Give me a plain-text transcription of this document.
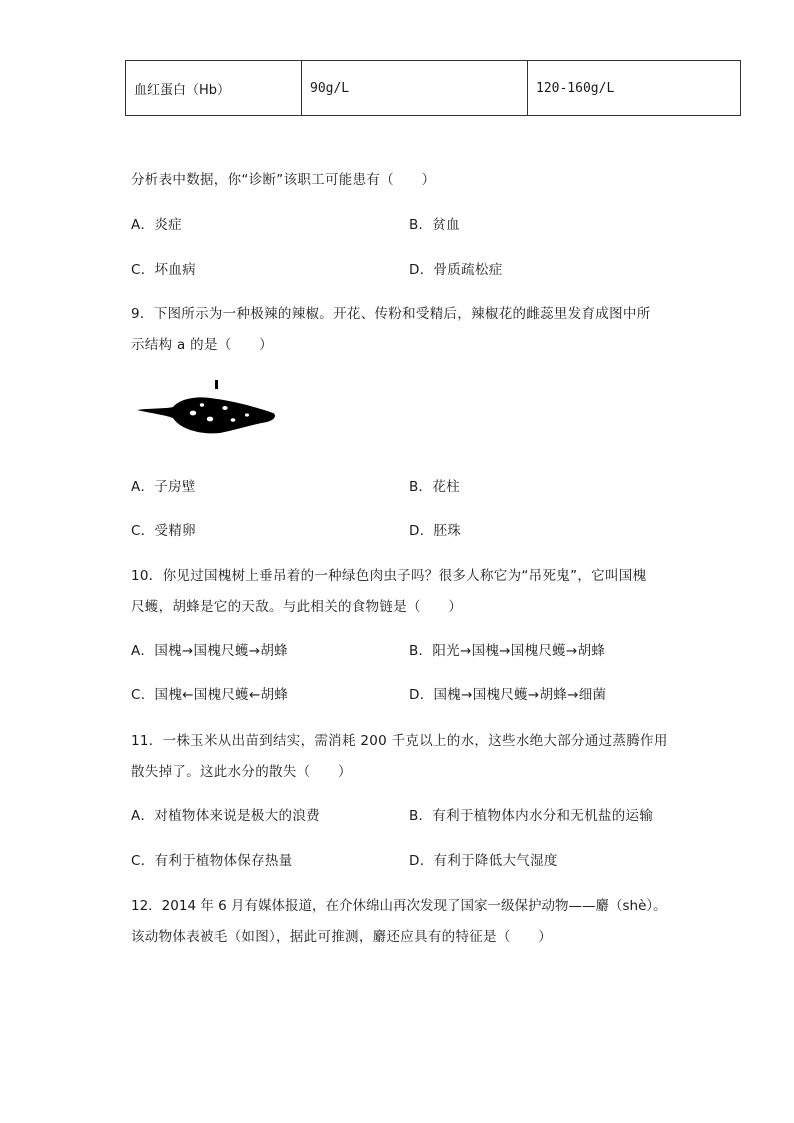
血红蛋白（Hb）	90g/L	120-160g/L
分析表中数据，你“诊断”该职工可能患有（　　）
A．炎症	B．贫血
C．坏血病	D．骨质疏松症
9．下图所示为一种极辣的辣椒。开花、传粉和受精后，辣椒花的雌蕊里发育成图中所
示结构 a 的是（　　）
A．子房壁	B．花柱
C．受精卵	D．胚珠
10．你见过国槐树上垂吊着的一种绿色肉虫子吗？很多人称它为“吊死鬼”，它叫国槐
尺蠖，胡蜂是它的天敌。与此相关的食物链是（　　）
A．国槐→国槐尺蠖→胡蜂	B．阳光→国槐→国槐尺蠖→胡蜂
C．国槐←国槐尺蠖←胡蜂	D．国槐→国槐尺蠖→胡蜂→细菌
11．一株玉米从出苗到结实，需消耗 200 千克以上的水，这些水绝大部分通过蒸腾作用
散失掉了。这此水分的散失（　　）
A．对植物体来说是极大的浪费	B．有利于植物体内水分和无机盐的运输
C．有利于植物体保存热量	D．有利于降低大气湿度
12．2014 年 6 月有媒体报道，在介休绵山再次发现了国家一级保护动物——麝（shè）。
该动物体表被毛（如图），据此可推测，麝还应具有的特征是（　　）
